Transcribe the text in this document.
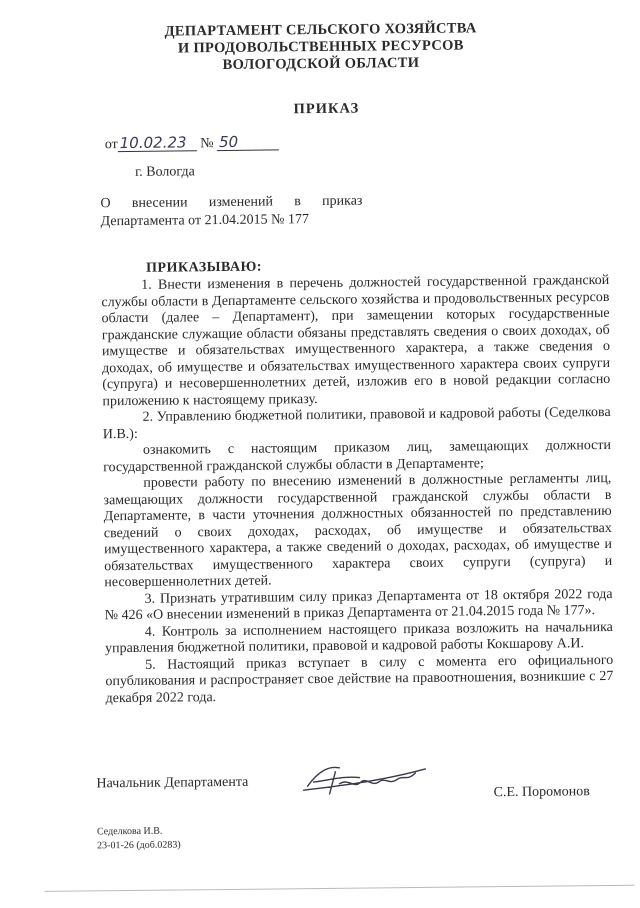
ДЕПАРТАМЕНТ СЕЛЬСКОГО ХОЗЯЙСТВА
И ПРОДОВОЛЬСТВЕННЫХ РЕСУРСОВ
ВОЛОГОДСКОЙ ОБЛАСТИ
ПРИКАЗ
от 10.02.23 № 50
г. Вологда
О внесении изменений в приказ Департамента от 21.04.2015 № 177
ПРИКАЗЫВАЮ:

1. Внести изменения в перечень должностей государственной гражданской службы области в Департаменте сельского хозяйства и продовольственных ресурсов области (далее – Департамент), при замещении которых государственные гражданские служащие области обязаны представлять сведения о своих доходах, об имуществе и обязательствах имущественного характера, а также сведения о доходах, об имуществе и обязательствах имущественного характера своих супруги (супруга) и несовершеннолетних детей, изложив его в новой редакции согласно приложению к настоящему приказу.

2. Управлению бюджетной политики, правовой и кадровой работы (Седелкова И.В.):

ознакомить с настоящим приказом лиц, замещающих должности государственной гражданской службы области в Департаменте;

провести работу по внесению изменений в должностные регламенты лиц, замещающих должности государственной гражданской службы области в Департаменте, в части уточнения должностных обязанностей по представлению сведений о своих доходах, расходах, об имуществе и обязательствах имущественного характера, а также сведений о доходах, расходах, об имуществе и обязательствах имущественного характера своих супруги (супруга) и несовершеннолетних детей.

3. Признать утратившим силу приказ Департамента от 18 октября 2022 года № 426 «О внесении изменений в приказ Департамента от 21.04.2015 года № 177».

4. Контроль за исполнением настоящего приказа возложить на начальника управления бюджетной политики, правовой и кадровой работы Кокшарову А.И.

5. Настоящий приказ вступает в силу с момента его официального опубликования и распространяет свое действие на правоотношения, возникшие с 27 декабря 2022 года.

Начальник Департамента
С.Е. Поромонов
Седелкова И.В.
23-01-26 (доб.0283)
